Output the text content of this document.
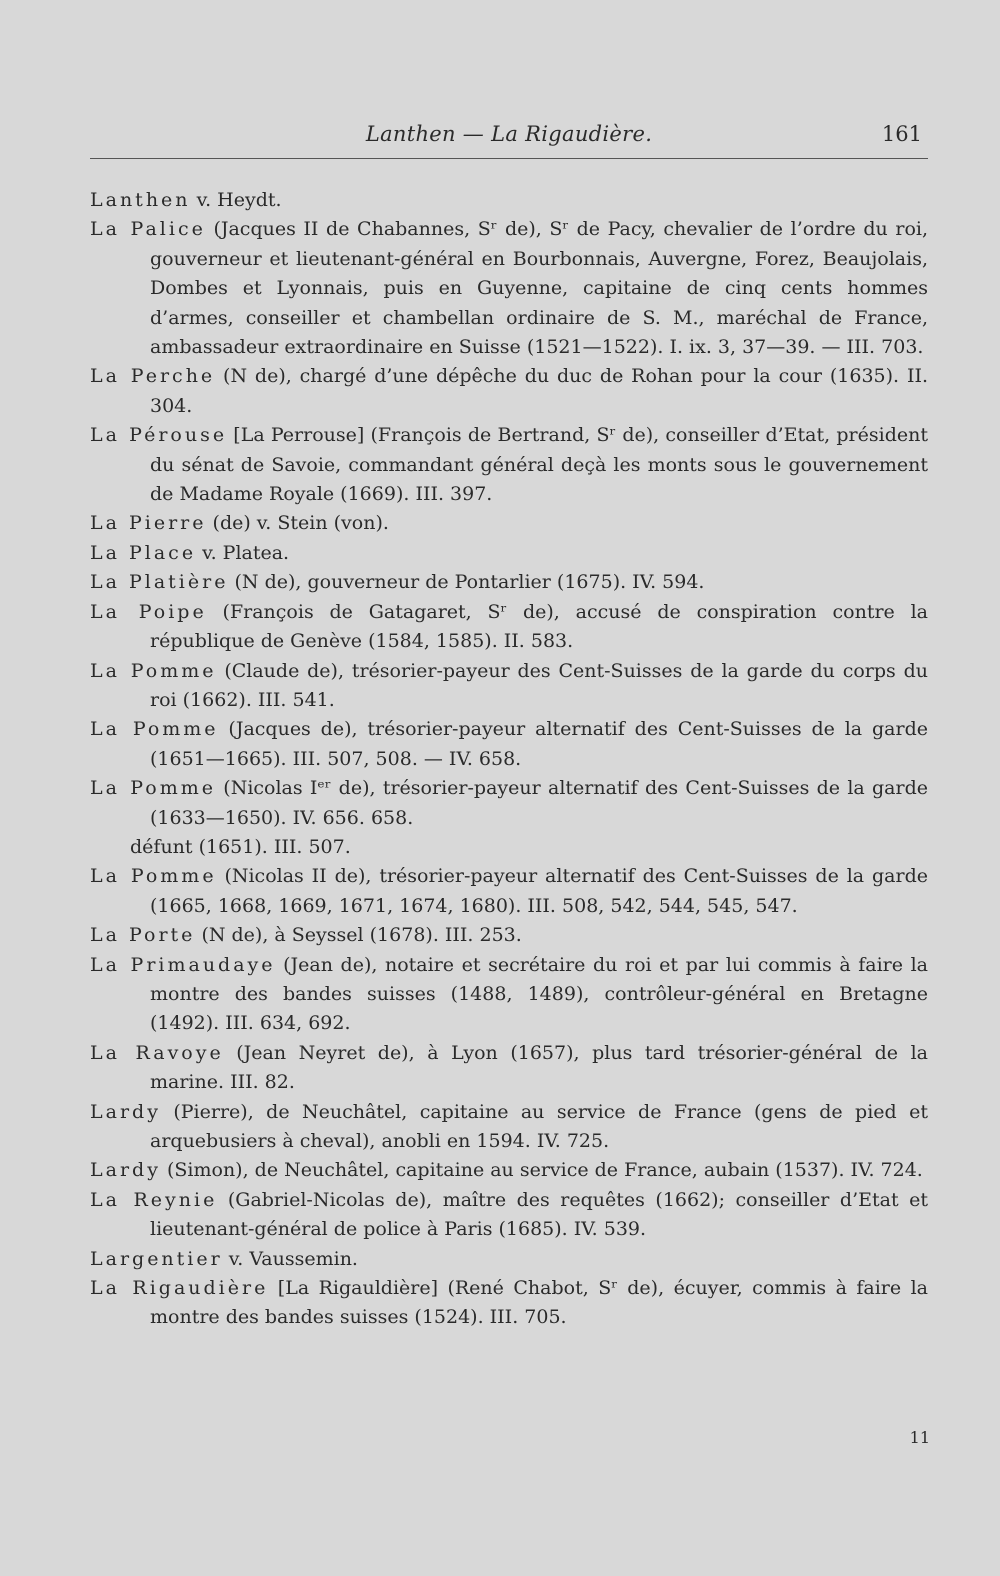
Lanthen — La Rigaudière.	161

Lanthen v. Heydt.

La Palice (Jacques II de Chabannes, Sʳ de), Sʳ de Pacy, chevalier de l’ordre du roi, gouverneur et lieutenant-général en Bourbonnais, Auvergne, Forez, Beaujolais, Dombes et Lyonnais, puis en Guyenne, capitaine de cinq cents hommes d’armes, conseiller et chambellan ordinaire de S. M., maréchal de France, ambassadeur extraordinaire en Suisse (1521—1522). I. ix. 3, 37—39. — III. 703.

La Perche (N de), chargé d’une dépêche du duc de Rohan pour la cour (1635). II. 304.

La Pérouse [La Perrouse] (François de Bertrand, Sʳ de), conseiller d’Etat, président du sénat de Savoie, commandant général deçà les monts sous le gouvernement de Madame Royale (1669). III. 397.

La Pierre (de) v. Stein (von).

La Place v. Platea.

La Platière (N de), gouverneur de Pontarlier (1675). IV. 594.

La Poipe (François de Gatagaret, Sʳ de), accusé de conspiration contre la république de Genève (1584, 1585). II. 583.

La Pomme (Claude de), trésorier-payeur des Cent-Suisses de la garde du corps du roi (1662). III. 541.

La Pomme (Jacques de), trésorier-payeur alternatif des Cent-Suisses de la garde (1651—1665). III. 507, 508. — IV. 658.

La Pomme (Nicolas Iᵉʳ de), trésorier-payeur alternatif des Cent-Suisses de la garde (1633—1650). IV. 656. 658.

défunt (1651). III. 507.

La Pomme (Nicolas II de), trésorier-payeur alternatif des Cent-Suisses de la garde (1665, 1668, 1669, 1671, 1674, 1680). III. 508, 542, 544, 545, 547.

La Porte (N de), à Seyssel (1678). III. 253.

La Primaudaye (Jean de), notaire et secrétaire du roi et par lui commis à faire la montre des bandes suisses (1488, 1489), contrôleur-général en Bretagne (1492). III. 634, 692.

La Ravoye (Jean Neyret de), à Lyon (1657), plus tard trésorier-général de la marine. III. 82.

Lardy (Pierre), de Neuchâtel, capitaine au service de France (gens de pied et arquebusiers à cheval), anobli en 1594. IV. 725.

Lardy (Simon), de Neuchâtel, capitaine au service de France, aubain (1537). IV. 724.

La Reynie (Gabriel-Nicolas de), maître des requêtes (1662); conseiller d’Etat et lieutenant-général de police à Paris (1685). IV. 539.

Largentier v. Vaussemin.

La Rigaudière [La Rigauldière] (René Chabot, Sʳ de), écuyer, commis à faire la montre des bandes suisses (1524). III. 705.

11
